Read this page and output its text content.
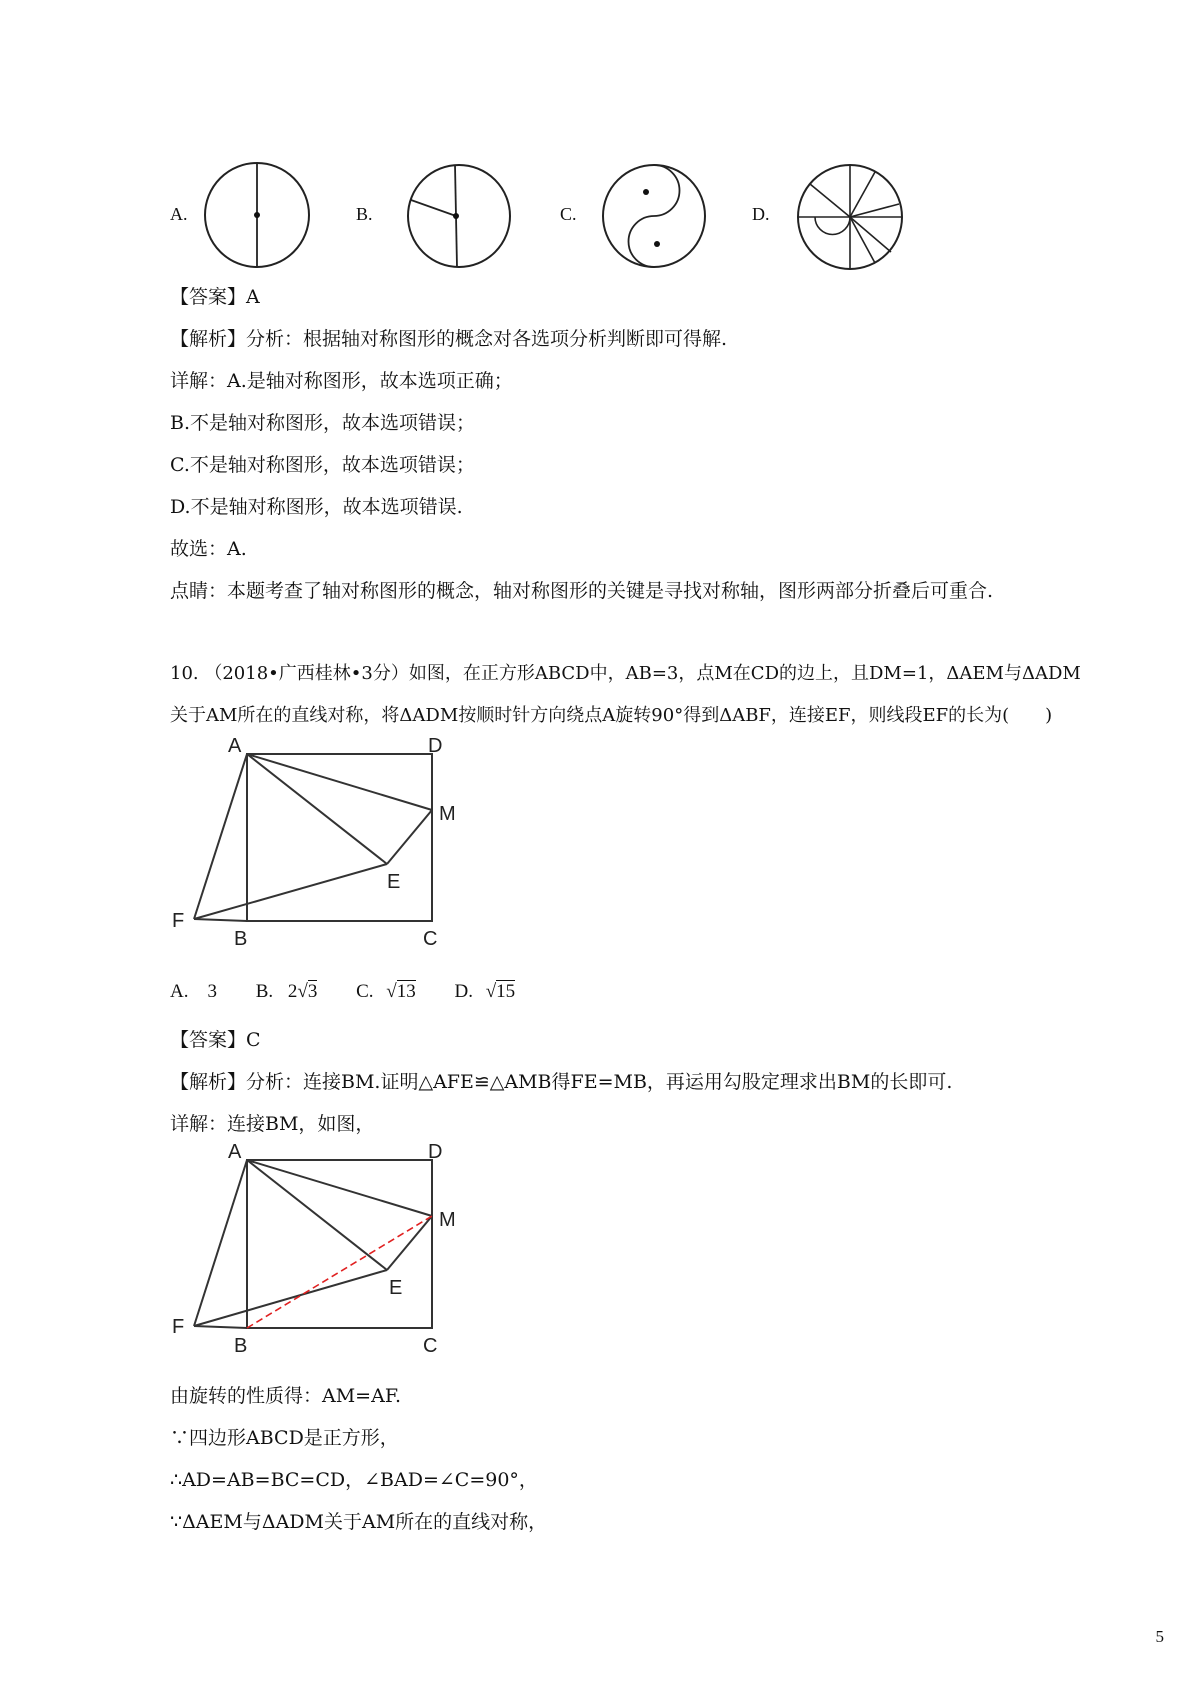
A.	B.	C.	D.
【答案】A
【解析】分析：根据轴对称图形的概念对各选项分析判断即可得解.
详解：A.是轴对称图形，故本选项正确；
B.不是轴对称图形，故本选项错误；
C.不是轴对称图形，故本选项错误；
D.不是轴对称图形，故本选项错误.
故选：A.
点睛：本题考查了轴对称图形的概念，轴对称图形的关键是寻找对称轴，图形两部分折叠后可重合.
10. （2018•广西桂林•3分）如图，在正方形ABCD中，AB=3，点M在CD的边上，且DM=1，ΔAEM与ΔADM
关于AM所在的直线对称，将ΔADM按顺时针方向绕点A旋转90°得到ΔABF，连接EF，则线段EF的长为(　　)
A	D
M
E
F
B	C
A.　3 B. 2√3 C. √13 D. √15
【答案】C
【解析】分析：连接BM.证明△AFE≌△AMB得FE=MB，再运用勾股定理求出BM的长即可.
详解：连接BM，如图，
A	D
M
E
F
B	C
由旋转的性质得：AM=AF.
∵四边形ABCD是正方形，
∴AD=AB=BC=CD，∠BAD=∠C=90°，
∵ΔAEM与ΔADM关于AM所在的直线对称，
5
